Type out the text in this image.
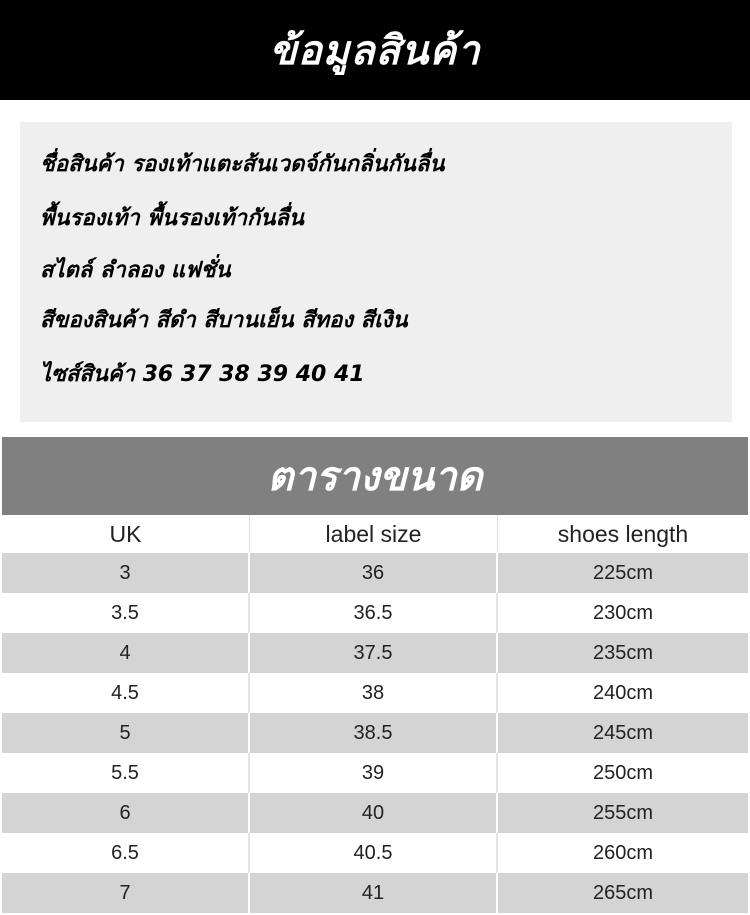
ข้อมูลสินค้า
ชื่อสินค้า รองเท้าแตะส้นเวดจ์กันกลิ่นกันลื่น
พื้นรองเท้า พื้นรองเท้ากันลื่น
สไตล์ ลำลอง แฟชั่น
สีของสินค้า สีดำ สีบานเย็น สีทอง สีเงิน
ไซส์สินค้า 36 37 38 39 40 41
ตารางขนาด
UK	label size	shoes length
3	36	225cm
3.5	36.5	230cm
4	37.5	235cm
4.5	38	240cm
5	38.5	245cm
5.5	39	250cm
6	40	255cm
6.5	40.5	260cm
7	41	265cm
